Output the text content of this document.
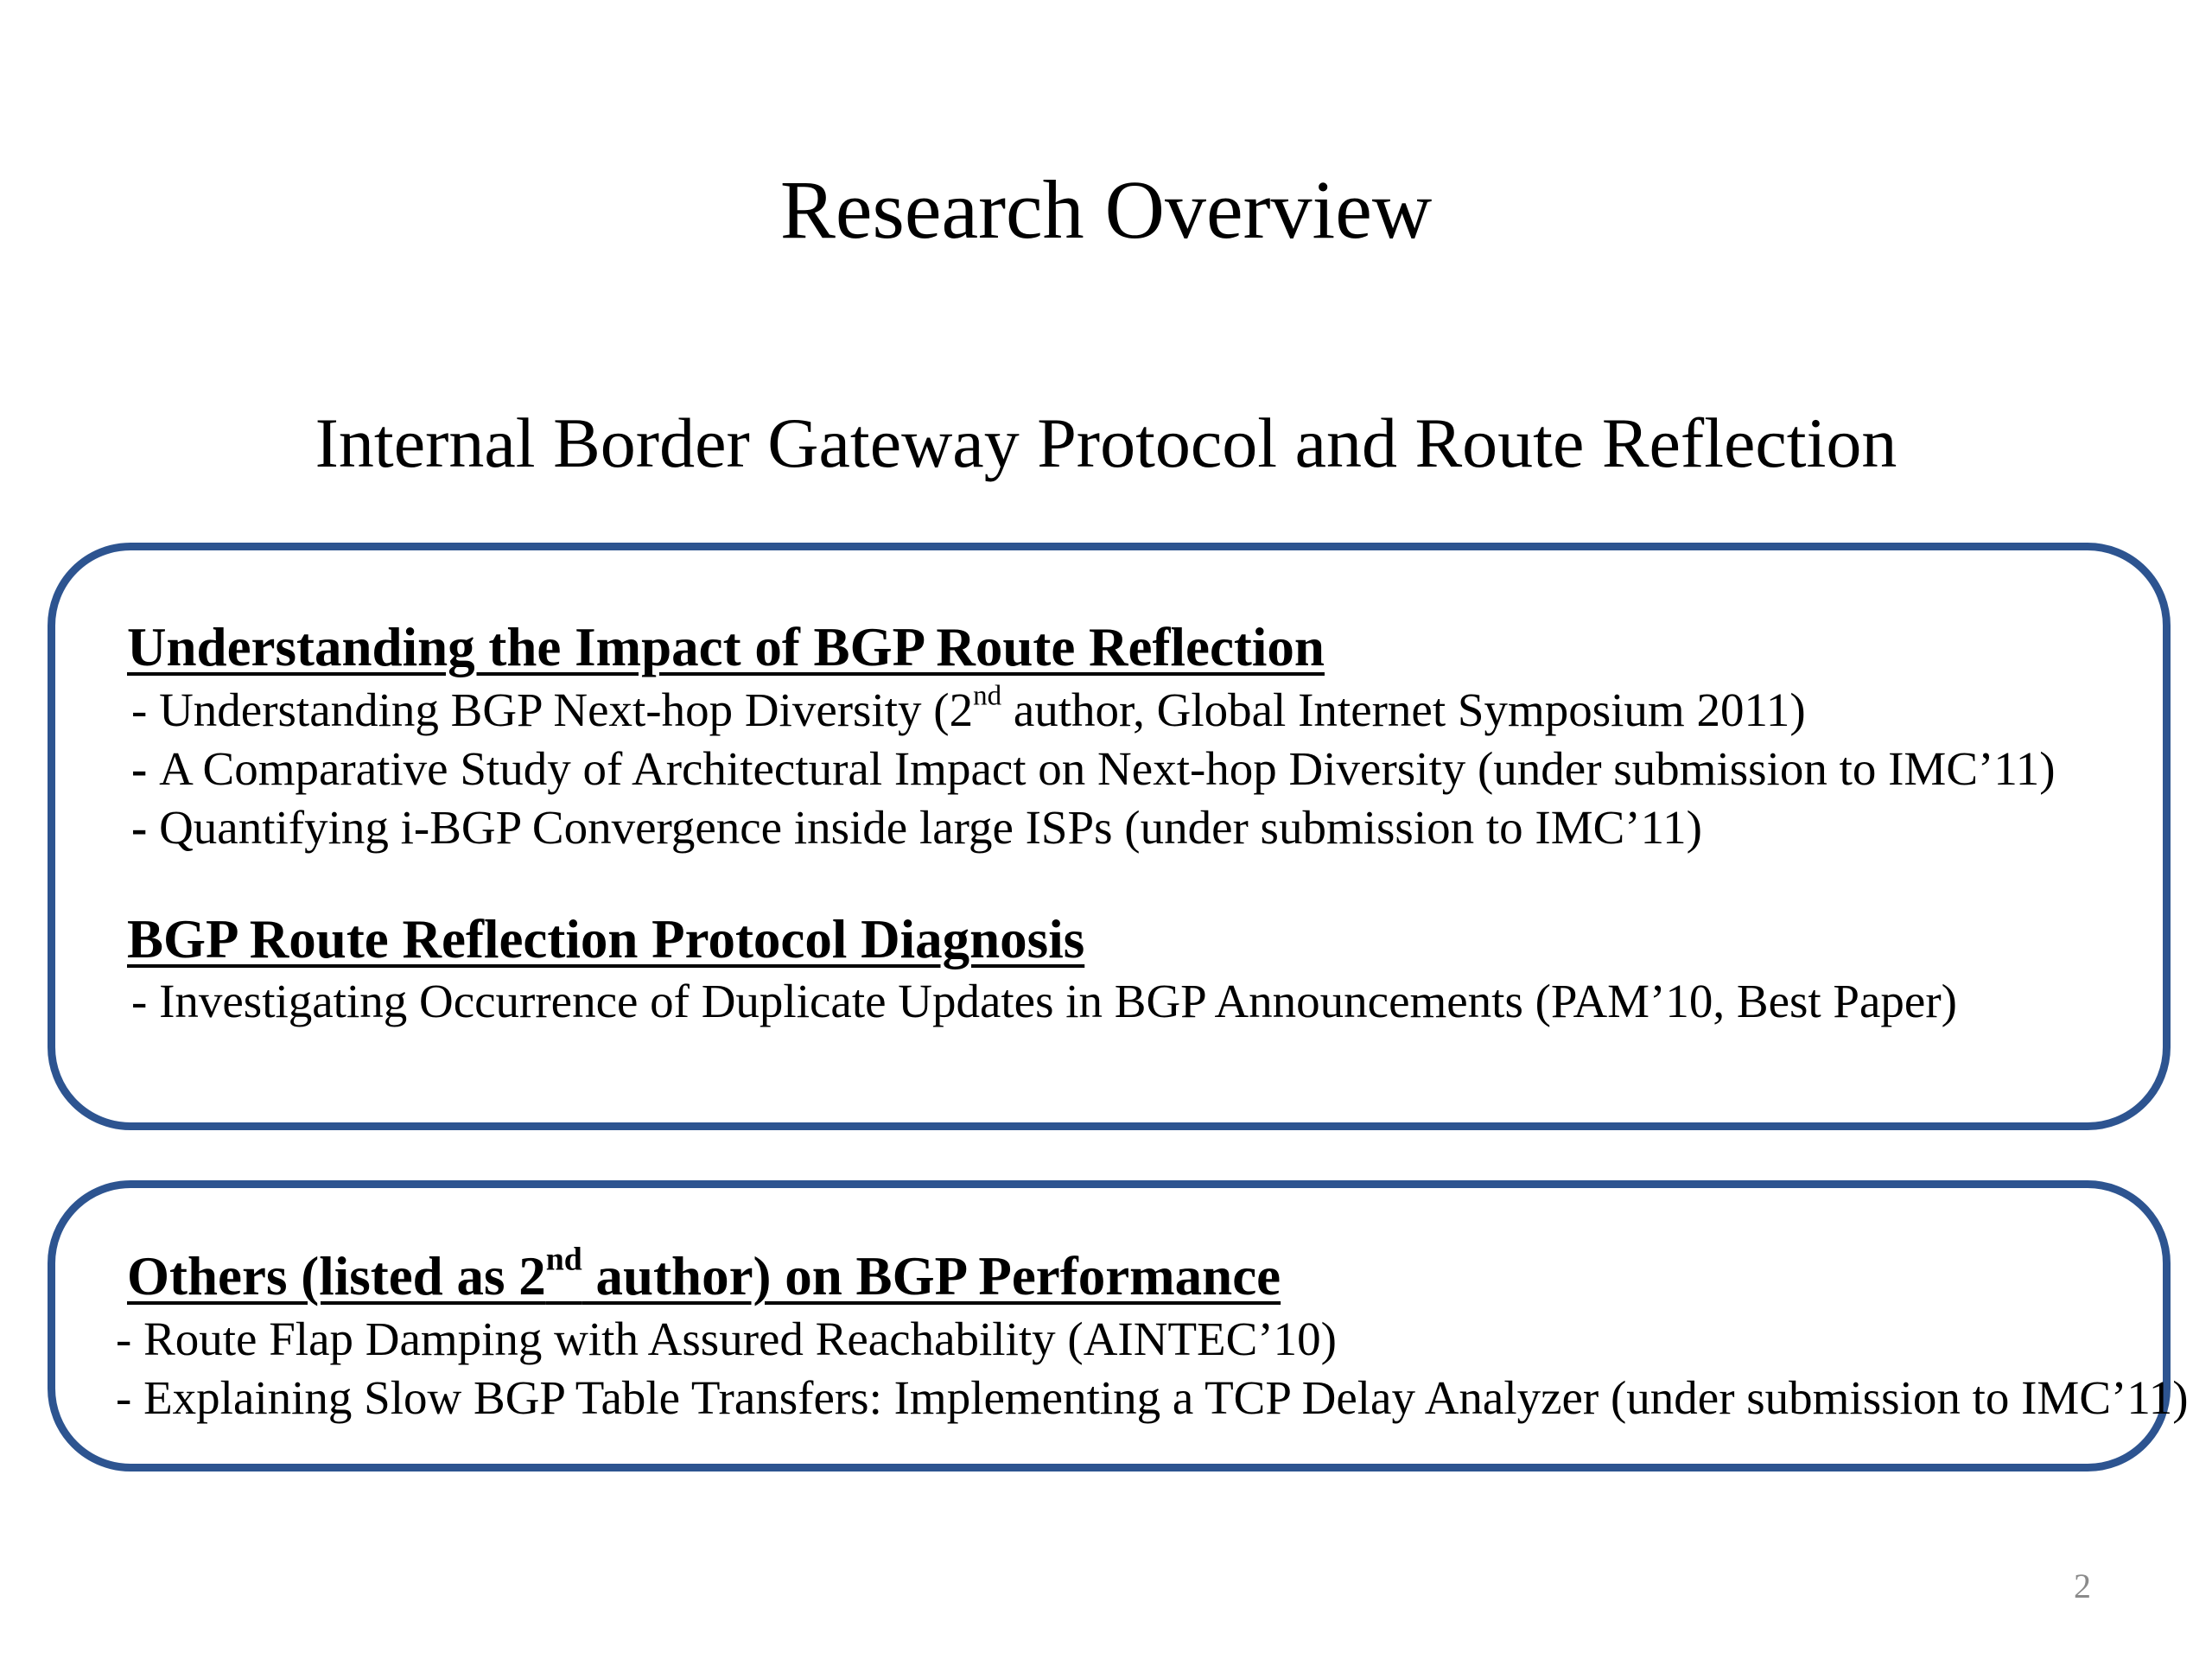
Research Overview
Internal Border Gateway Protocol and Route Reflection
Understanding the Impact of BGP Route Reflection
- Understanding BGP Next-hop Diversity (2nd author, Global Internet Symposium 2011)
- A Comparative Study of Architectural Impact on Next-hop Diversity (under submission to IMC’11)
- Quantifying i-BGP Convergence inside large ISPs (under submission to IMC’11)
BGP Route Reflection Protocol Diagnosis
- Investigating Occurrence of Duplicate Updates in BGP Announcements (PAM’10, Best Paper)
Others (listed as 2nd author) on BGP Performance
- Route Flap Damping with Assured Reachability (AINTEC’10)
- Explaining Slow BGP Table Transfers: Implementing a TCP Delay Analyzer (under submission to IMC’11)
2
